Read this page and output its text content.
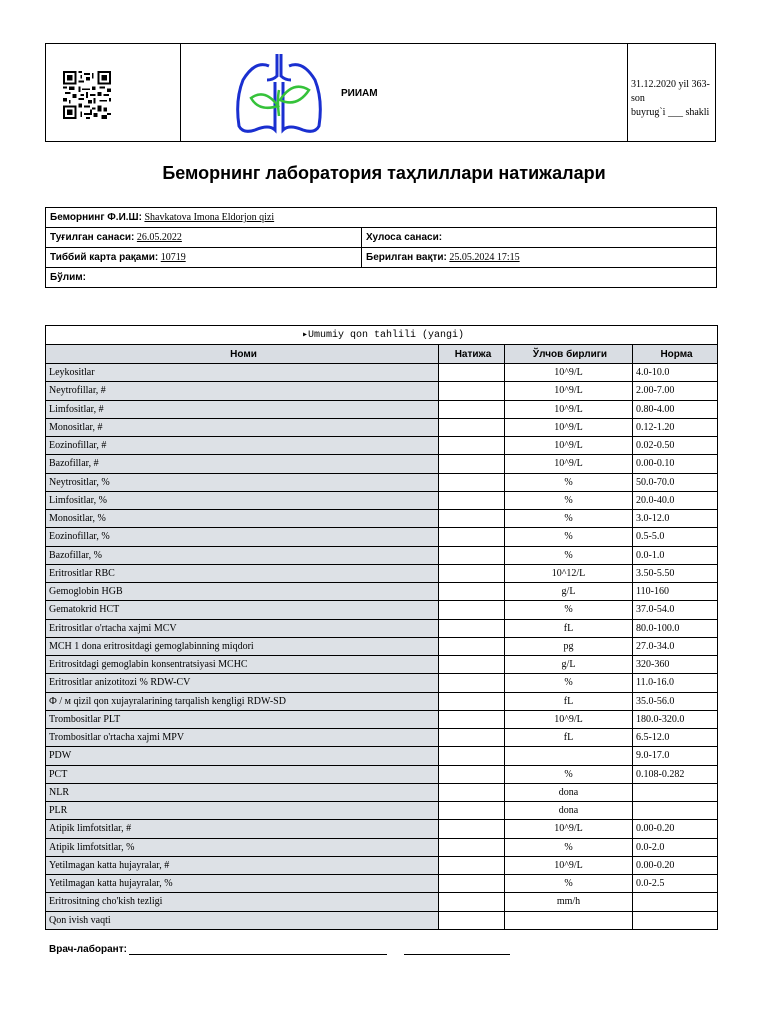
РИИАМ
31.12.2020 yil 363-son
buyrug`i ___ shakli
Беморнинг лаборатория таҳлиллари натижалари
Беморнинг Ф.И.Ш: Shavkatova Imona Eldorjon qizi	
Туғилган санаси: 26.05.2022	Хулоса санаси:
Тиббий карта рақами: 10719	Берилган вақти: 25.05.2024 17:15
Бўлим:	
▸Umumiy qon tahlili (yangi)			
Номи	Натижа	Ўлчов бирлиги	Норма
Leykositlar		10^9/L	4.0-10.0
Neytrofillar, #		10^9/L	2.00-7.00
Limfositlar, #		10^9/L	0.80-4.00
Monositlar, #		10^9/L	0.12-1.20
Eozinofillar, #		10^9/L	0.02-0.50
Bazofillar, #		10^9/L	0.00-0.10
Neytrositlar, %		%	50.0-70.0
Limfositlar, %		%	20.0-40.0
Monositlar, %		%	3.0-12.0
Eozinofillar, %		%	0.5-5.0
Bazofillar, %		%	0.0-1.0
Eritrositlar RBC		10^12/L	3.50-5.50
Gemoglobin HGB		g/L	110-160
Gematokrid HCT		%	37.0-54.0
Eritrositlar o'rtacha xajmi MCV		fL	80.0-100.0
MCH 1 dona eritrositdagi gemoglabinning miqdori		pg	27.0-34.0
Eritrositdagi gemoglabin konsentratsiyasi MCHC		g/L	320-360
Eritrositlar anizotitozi % RDW-CV		%	11.0-16.0
Ф / м qizil qon xujayralarining tarqalish kengligi RDW-SD		fL	35.0-56.0
Trombositlar PLT		10^9/L	180.0-320.0
Trombositlar o'rtacha xajmi MPV		fL	6.5-12.0
PDW			9.0-17.0
PCT		%	0.108-0.282
NLR		dona	
PLR		dona	
Atipik limfotsitlar, #		10^9/L	0.00-0.20
Atipik limfotsitlar, %		%	0.0-2.0
Yetilmagan katta hujayralar, #		10^9/L	0.00-0.20
Yetilmagan katta hujayralar, %		%	0.0-2.5
Eritrositning cho'kish tezligi		mm/h	
Qon ivish vaqti			
Врач-лаборант:
